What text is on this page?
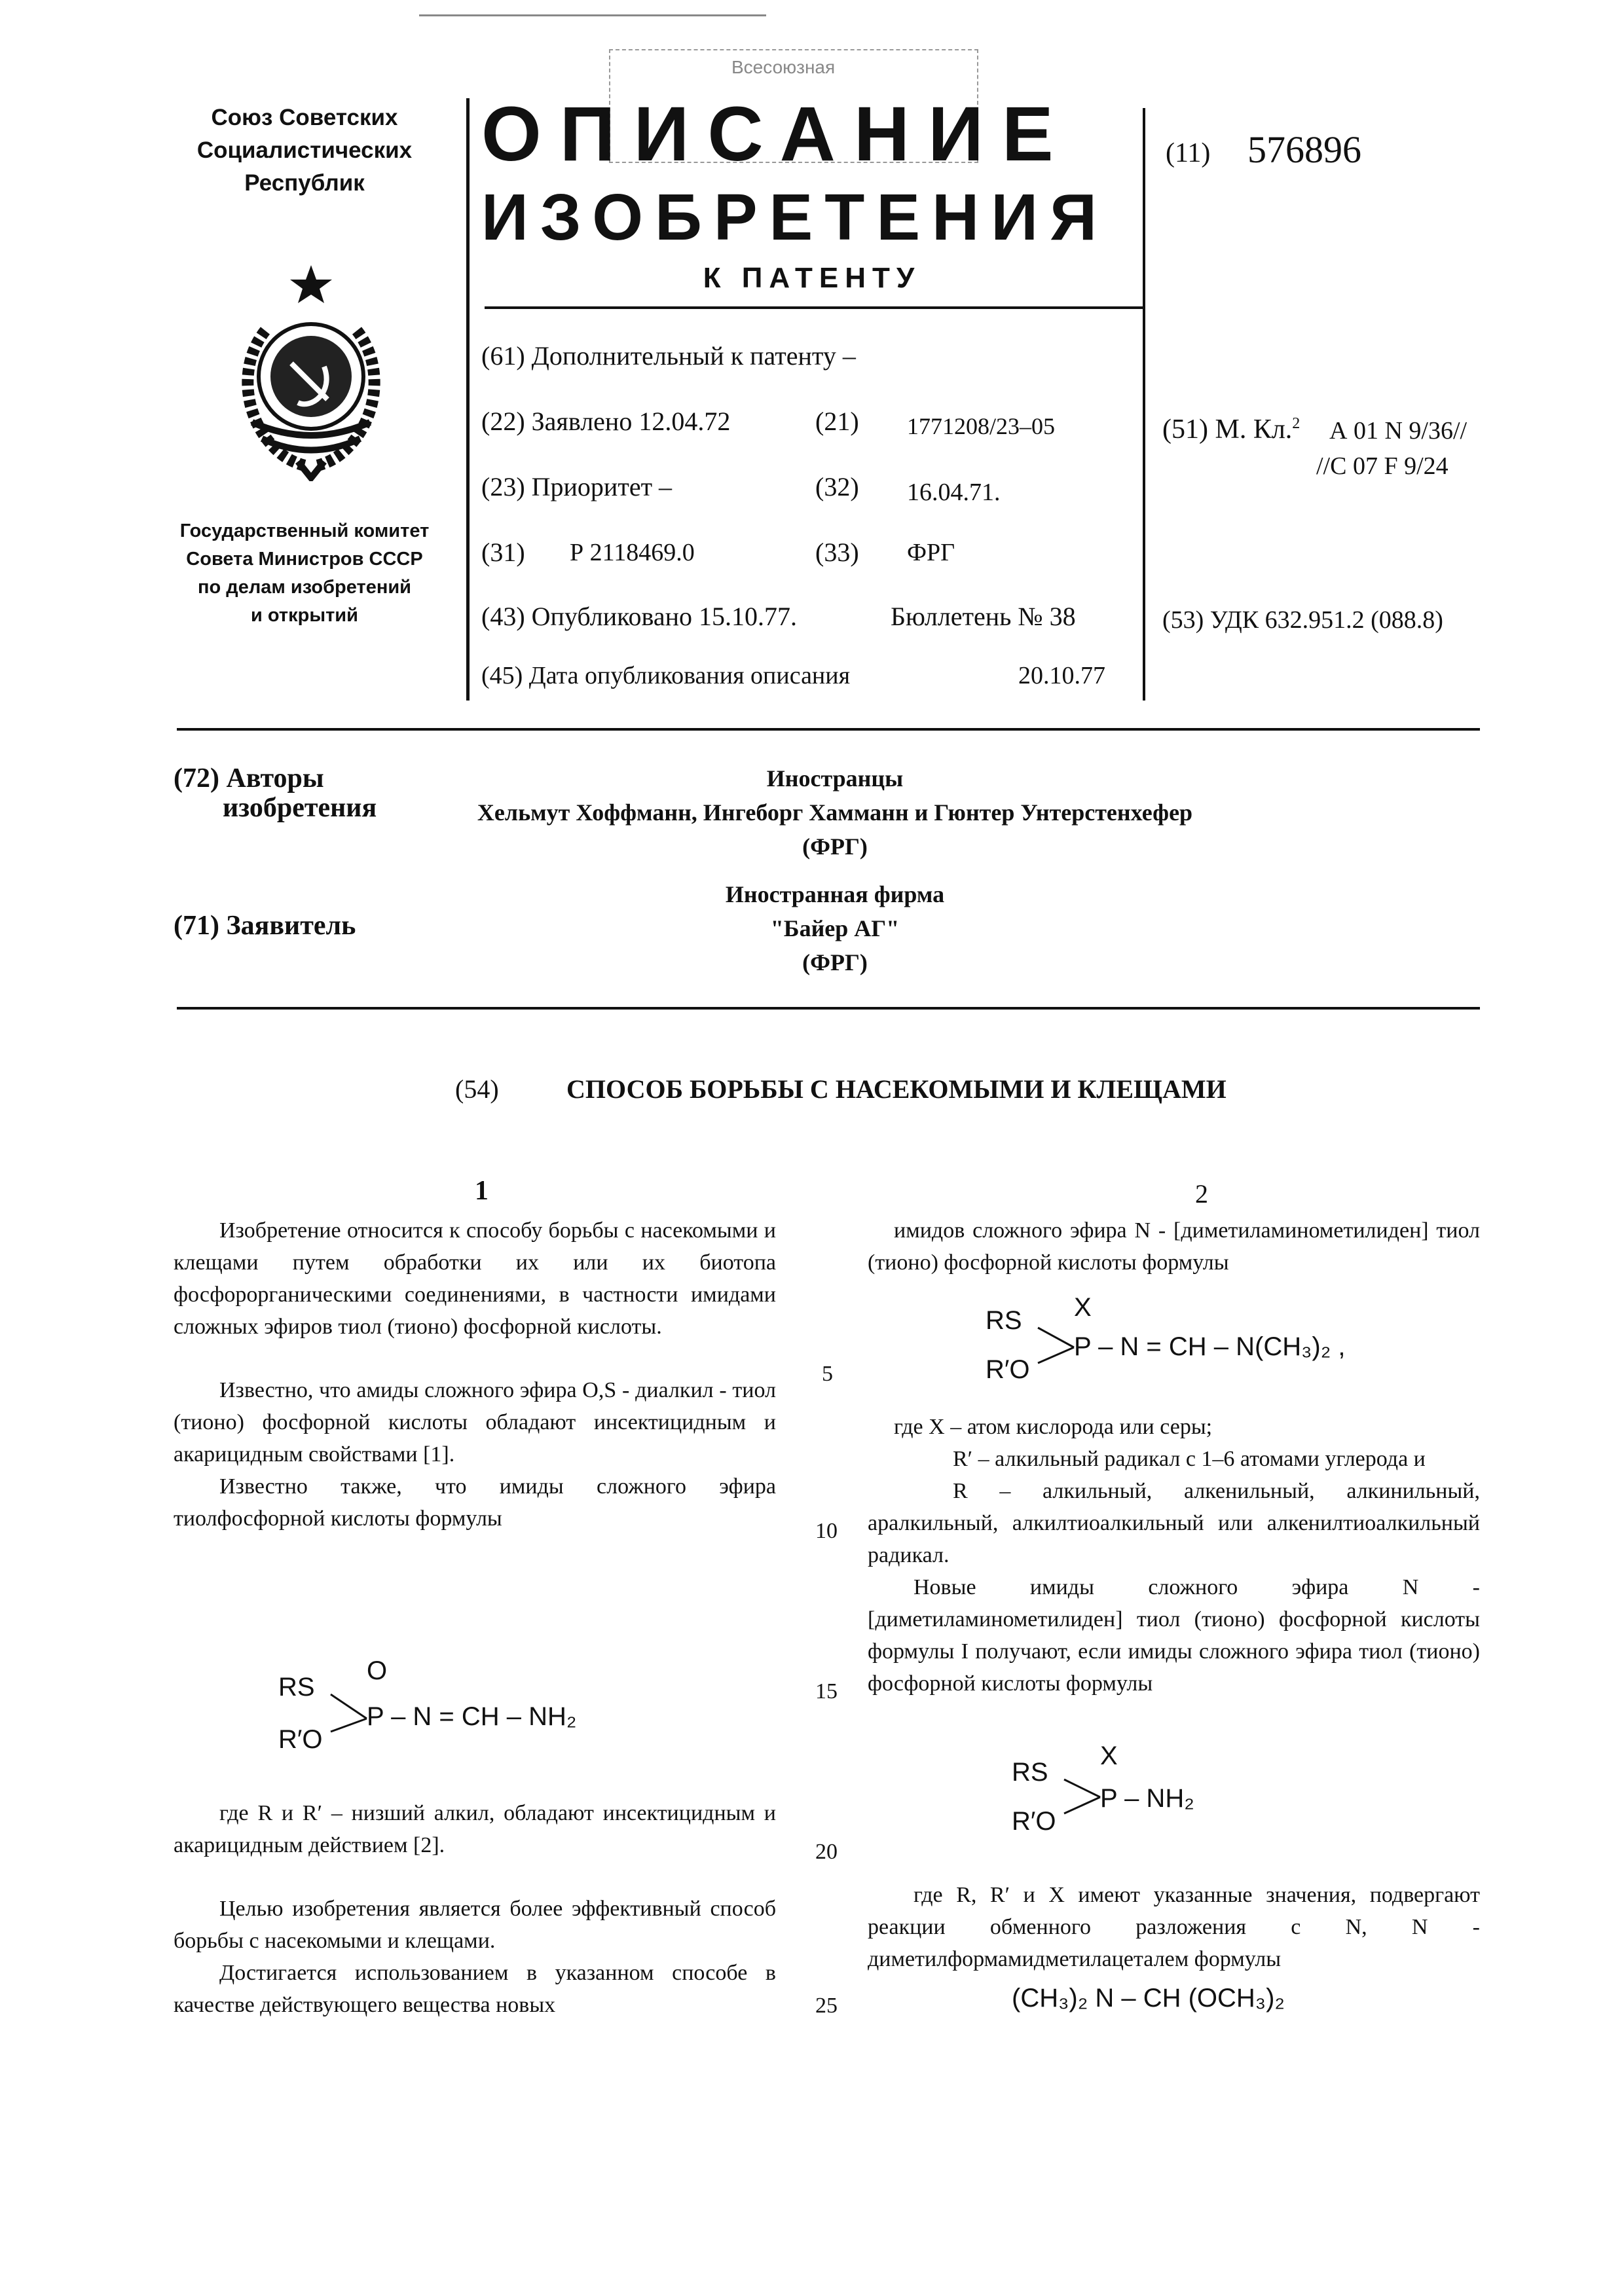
Союз Советских
Социалистических
Республик
Государственный комитет
Совета Министров СССР
по делам изобретений
и открытий
Всесоюзная
ОПИСАНИЕ
ИЗОБРЕТЕНИЯ
К ПАТЕНТУ
(11) 576896
(61) Дополнительный к патенту –
(22) Заявлено 12.04.72	(21) 1771208/23–05
(23) Приоритет –	(32) 16.04.71.
(31) Р 2118469.0	(33) ФРГ
(43) Опубликовано 15.10.77.	Бюллетень № 38
(45) Дата опубликования описания	20.10.77
(51) М. Кл.$^2$ А 01 N 9/36//
//С 07 F 9/24
(53) УДК 632.951.2 (088.8)
(72) Авторы
изобретения
Иностранцы
Хельмут Хоффманн, Ингеборг Хамманн и Гюнтер Унтерстенхефер
(ФРГ)
(71) Заявитель
Иностранная фирма
"Байер АГ"
(ФРГ)
(54)	СПОСОБ БОРЬБЫ С НАСЕКОМЫМИ И КЛЕЩАМИ
1	2
5
10
15
20
25

Изобретение относится к способу борьбы с насекомыми и клещами путем обработки их или их биотопа фосфорорганическими соединениями, в частности имидами сложных эфиров тиол (тионо) фосфорной кислоты.

Известно, что амиды сложного эфира O,S - диалкил - тиол (тионо) фосфорной кислоты обладают инсектицидным и акарицидным свойствами [1].

Известно также, что имиды сложного эфира тиолфосфорной кислоты формулы

O
RS
R′O
P – N = CH – NH₂

где R и R′ – низший алкил, обладают инсектицидным и акарицидным действием [2].

Целью изобретения является более эффективный способ борьбы с насекомыми и клещами.

Достигается использованием в указанном способе в качестве действующего вещества новых

имидов сложного эфира N - [диметиламинометилиден] тиол (тионо) фосфорной кислоты формулы

X
RS
R′O
P – N = CH – N(CH₃)₂ ,

где X – атом кислорода или серы;

R′ – алкильный радикал с 1–6 атомами углерода и

R – алкильный, алкенильный, алкинильный, аралкильный, алкилтиоалкильный или алкенилтиоалкильный радикал.

Новые имиды сложного эфира N - [диметиламинометилиден] тиол (тионо) фосфорной кислоты формулы I получают, если имиды сложного эфира тиол (тионо) фосфорной кислоты формулы

X
RS
R′O
P – NH₂

где R, R′ и X имеют указанные значения, подвергают реакции обменного разложения с N, N - диметилформамидметилацеталем формулы

(CH₃)₂ N – CH (OCH₃)₂
